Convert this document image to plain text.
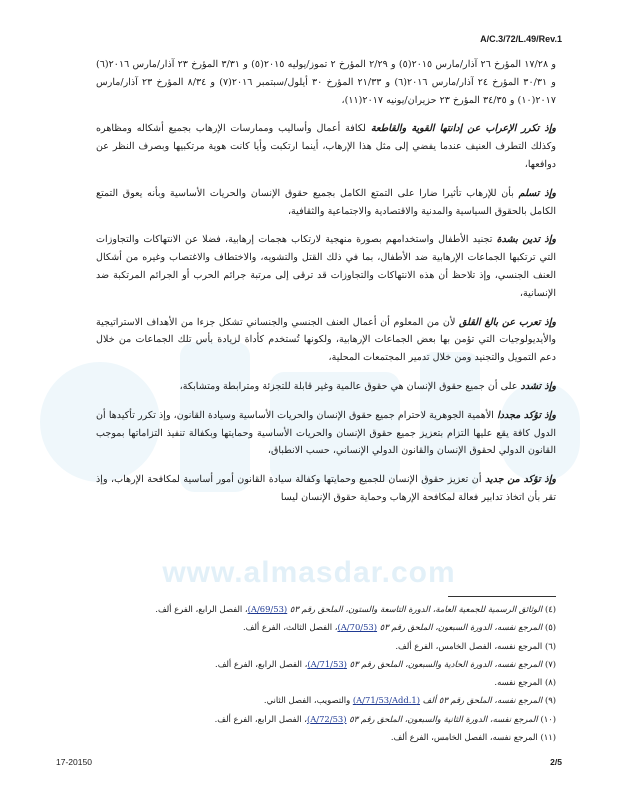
A/C.3/72/L.49/Rev.1
www.almasdar.com

و ١٧/٢٨ المؤرخ ٢٦ آذار/مارس ٢٠١٥(٥) و ٢/٢٩ المؤرخ ٢ تموز/يوليه ٢٠١٥(٥) و ٣/٣١ المؤرخ ٢٣ آذار/مارس ٢٠١٦(٦) و ٣٠/٣١ المؤرخ ٢٤ آذار/مارس ٢٠١٦(٦) و ٢١/٣٣ المؤرخ ٣٠ أيلول/سبتمبر ٢٠١٦(٧) و ٨/٣٤ المؤرخ ٢٣ آذار/مارس ٢٠١٧(١٠) و ٣٤/٣٥ المؤرخ ٢٣ حزيران/يونيه ٢٠١٧(١١)،

وإذ تكرر الإعراب عن إدانتها القوية والقاطعة لكافة أعمال وأساليب وممارسات الإرهاب بجميع أشكاله ومظاهره وكذلك التطرف العنيف عندما يفضي إلى مثل هذا الإرهاب، أينما ارتكبت وأيا كانت هوية مرتكبيها وبصرف النظر عن دوافعها،

وإذ تسلم بأن للإرهاب تأثيرا ضارا على التمتع الكامل بجميع حقوق الإنسان والحريات الأساسية وبأنه يعوق التمتع الكامل بالحقوق السياسية والمدنية والاقتصادية والاجتماعية والثقافية،

وإذ تدين بشدة تجنيد الأطفال واستخدامهم بصورة منهجية لارتكاب هجمات إرهابية، فضلا عن الانتهاكات والتجاوزات التي ترتكبها الجماعات الإرهابية ضد الأطفال، بما في ذلك القتل والتشويه، والاختطاف والاغتصاب وغيره من أشكال العنف الجنسي، وإذ تلاحظ أن هذه الانتهاكات والتجاوزات قد ترقى إلى مرتبة جرائم الحرب أو الجرائم المرتكبة ضد الإنسانية،

وإذ تعرب عن بالغ القلق لأن من المعلوم أن أعمال العنف الجنسي والجنساني تشكل جزءا من الأهداف الاستراتيجية والأيديولوجيات التي تؤمن بها بعض الجماعات الإرهابية، ولكونها تُستخدم كأداة لزيادة بأس تلك الجماعات من خلال دعم التمويل والتجنيد ومن خلال تدمير المجتمعات المحلية،

وإذ تشدد على أن جميع حقوق الإنسان هي حقوق عالمية وغير قابلة للتجزئة ومترابطة ومتشابكة،

وإذ تؤكد مجددا الأهمية الجوهرية لاحترام جميع حقوق الإنسان والحريات الأساسية وسيادة القانون، وإذ تكرر تأكيدها أن الدول كافة يقع عليها التزام بتعزيز جميع حقوق الإنسان والحريات الأساسية وحمايتها وبكفالة تنفيذ التزاماتها بموجب القانون الدولي لحقوق الإنسان والقانون الدولي الإنساني، حسب الانطباق،

وإذ تؤكد من جديد أن تعزيز حقوق الإنسان للجميع وحمايتها وكفالة سيادة القانون أمور أساسية لمكافحة الإرهاب، وإذ تقر بأن اتخاذ تدابير فعالة لمكافحة الإرهاب وحماية حقوق الإنسان ليسا

(٤) الوثائق الرسمية للجمعية العامة، الدورة التاسعة والستون، الملحق رقم ٥٣ (A/69/53)، الفصل الرابع، الفرع ألف.
(٥) المرجع نفسه، الدورة السبعون، الملحق رقم ٥٣ (A/70/53)، الفصل الثالث، الفرع ألف.
(٦) المرجع نفسه، الفصل الخامس، الفرع ألف.
(٧) المرجع نفسه، الدورة الحادية والسبعون، الملحق رقم ٥٣ (A/71/53)، الفصل الرابع، الفرع ألف.
(٨) المرجع نفسه.
(٩) المرجع نفسه، الملحق رقم ٥٣ ألف (A/71/53/Add.1) والتصويب، الفصل الثاني.
(١٠) المرجع نفسه، الدورة الثانية والسبعون، الملحق رقم ٥٣ (A/72/53)، الفصل الرابع، الفرع ألف.
(١١) المرجع نفسه، الفصل الخامس، الفرع ألف.
17-20150	2/5
